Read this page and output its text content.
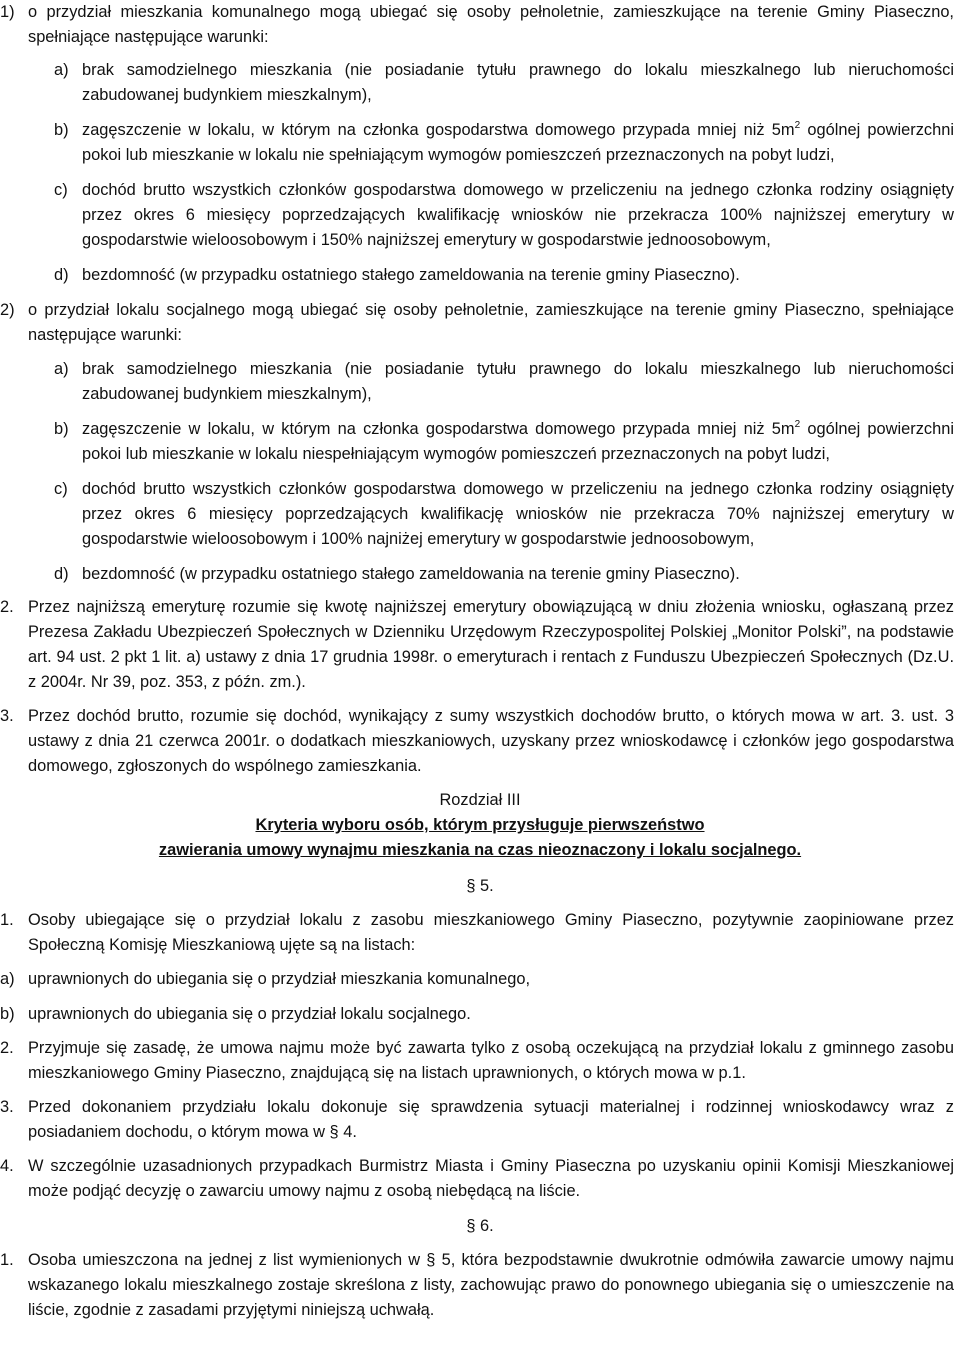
1) o przydział mieszkania komunalnego mogą ubiegać się osoby pełnoletnie, zamieszkujące na terenie Gminy Piaseczno, spełniające następujące warunki:

a) brak samodzielnego mieszkania (nie posiadanie tytułu prawnego do lokalu mieszkalnego lub nieruchomości zabudowanej budynkiem mieszkalnym),

b) zagęszczenie w lokalu, w którym na członka gospodarstwa domowego przypada mniej niż $5m^2$ ogólnej powierzchni pokoi lub mieszkanie w lokalu nie spełniającym wymogów pomieszczeń przeznaczonych na pobyt ludzi,

c) dochód brutto wszystkich członków gospodarstwa domowego w przeliczeniu na jednego członka rodziny osiągnięty przez okres 6 miesięcy poprzedzających kwalifikację wniosków nie przekracza 100% najniższej emerytury w gospodarstwie wieloosobowym i 150% najniższej emerytury w gospodarstwie jednoosobowym,

d) bezdomność (w przypadku ostatniego stałego zameldowania na terenie gminy Piaseczno).

2) o przydział lokalu socjalnego mogą ubiegać się osoby pełnoletnie, zamieszkujące na terenie gminy Piaseczno, spełniające następujące warunki:

a) brak samodzielnego mieszkania (nie posiadanie tytułu prawnego do lokalu mieszkalnego lub nieruchomości zabudowanej budynkiem mieszkalnym),

b) zagęszczenie w lokalu, w którym na członka gospodarstwa domowego przypada mniej niż $5m^2$ ogólnej powierzchni pokoi lub mieszkanie w lokalu niespełniającym wymogów pomieszczeń przeznaczonych na pobyt ludzi,

c) dochód brutto wszystkich członków gospodarstwa domowego w przeliczeniu na jednego członka rodziny osiągnięty przez okres 6 miesięcy poprzedzających kwalifikację wniosków nie przekracza 70% najniższej emerytury w gospodarstwie wieloosobowym i 100% najniżej emerytury w gospodarstwie jednoosobowym,

d) bezdomność (w przypadku ostatniego stałego zameldowania na terenie gminy Piaseczno).

2. Przez najniższą emeryturę rozumie się kwotę najniższej emerytury obowiązującą w dniu złożenia wniosku, ogłaszaną przez Prezesa Zakładu Ubezpieczeń Społecznych w Dzienniku Urzędowym Rzeczypospolitej Polskiej „Monitor Polski”, na podstawie art. 94 ust. 2 pkt 1 lit. a) ustawy z dnia 17 grudnia 1998r. o emeryturach i rentach z Funduszu Ubezpieczeń Społecznych (Dz.U. z 2004r. Nr 39, poz. 353, z późn. zm.).

3. Przez dochód brutto, rozumie się dochód, wynikający z sumy wszystkich dochodów brutto, o których mowa w art. 3. ust. 3 ustawy z dnia 21 czerwca 2001r. o dodatkach mieszkaniowych, uzyskany przez wnioskodawcę i członków jego gospodarstwa domowego, zgłoszonych do wspólnego zamieszkania.

Rozdział III

Kryteria wyboru osób, którym przysługuje pierwszeństwo

zawierania umowy wynajmu mieszkania na czas nieoznaczony i lokalu socjalnego.

§ 5.

1. Osoby ubiegające się o przydział lokalu z zasobu mieszkaniowego Gminy Piaseczno, pozytywnie zaopiniowane przez Społeczną Komisję Mieszkaniową ujęte są na listach:

a) uprawnionych do ubiegania się o przydział mieszkania komunalnego,

b) uprawnionych do ubiegania się o przydział lokalu socjalnego.

2. Przyjmuje się zasadę, że umowa najmu może być zawarta tylko z osobą oczekującą na przydział lokalu z gminnego zasobu mieszkaniowego Gminy Piaseczno, znajdującą się na listach uprawnionych, o których mowa w p.1.

3. Przed dokonaniem przydziału lokalu dokonuje się sprawdzenia sytuacji materialnej i rodzinnej wnioskodawcy wraz z posiadaniem dochodu, o którym mowa w § 4.

4. W szczególnie uzasadnionych przypadkach Burmistrz Miasta i Gminy Piaseczna po uzyskaniu opinii Komisji Mieszkaniowej może podjąć decyzję o zawarciu umowy najmu z osobą niebędącą na liście.

§ 6.

1. Osoba umieszczona na jednej z list wymienionych w § 5, która bezpodstawnie dwukrotnie odmówiła zawarcie umowy najmu wskazanego lokalu mieszkalnego zostaje skreślona z listy, zachowując prawo do ponownego ubiegania się o umieszczenie na liście, zgodnie z zasadami przyjętymi niniejszą uchwałą.
